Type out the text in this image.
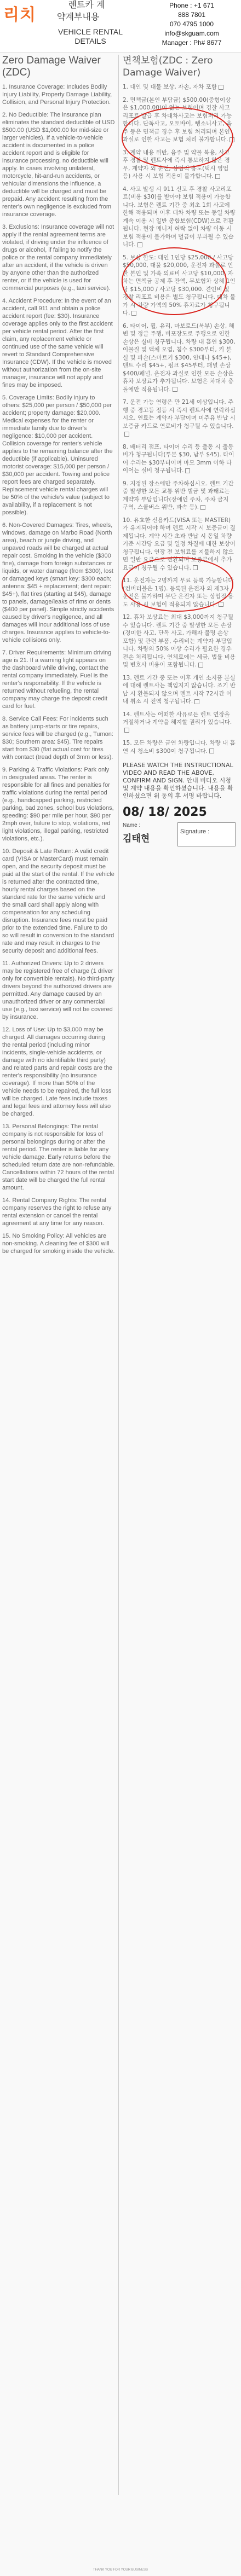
리치
렌트카 계
약계부내용
VEHICLE RENTAL
DETAILS
Phone : +1 671
888 7801
070 4795 1000
info@skguam.com
Manager : Ph# 8677
Zero Damage Waiver (ZDC)

1. Insurance Coverage: Includes Bodily Injury Liability, Property Damage Liability, Collision, and Personal Injury Protection.

2. No Deductible: The insurance plan eliminates the standard deductible of USD $500.00 (USD $1,000.00 for mid-size or larger vehicles). If a vehicle-to-vehicle accident is documented in a police accident report and is eligible for insurance processing, no deductible will apply. In cases involving unilateral, motorcycle, hit-and-run accidents, or vehicular dimensions the influence, a deductible will be charged and must be prepaid. Any accident resulting from the renter's own negligence is excluded from insurance coverage.

3. Exclusions: Insurance coverage will not apply if the rental agreement terms are violated, if driving under the influence of drugs or alcohol, if failing to notify the police or the rental company immediately after an accident, if the vehicle is driven by anyone other than the authorized renter, or if the vehicle is used for commercial purposes (e.g., taxi service).

4. Accident Procedure: In the event of an accident, call 911 and obtain a police accident report (fee: $30). Insurance coverage applies only to the first accident per vehicle rental period. After the first claim, any replacement vehicle or continued use of the same vehicle will revert to Standard Comprehensive Insurance (CDW). If the vehicle is moved without authorization from the on-site manager, insurance will not apply and fines may be imposed.

5. Coverage Limits: Bodily injury to others: $25,000 per person / $50,000 per accident; property damage: $20,000. Medical expenses for the renter or immediate family due to driver's negligence: $10,000 per accident. Collision coverage for renter's vehicle applies to the remaining balance after the deductible (if applicable). Uninsured motorist coverage: $15,000 per person / $30,000 per accident. Towing and police report fees are charged separately. Replacement vehicle rental charges will be 50% of the vehicle's value (subject to availability, if a replacement is not possible).

6. Non-Covered Damages: Tires, wheels, windows, damage on Marbo Road (North area), beach or jungle driving, and unpaved roads will be charged at actual repair cost. Smoking in the vehicle ($300 fine), damage from foreign substances or liquids, or water damage (from $300), lost or damaged keys (smart key: $300 each; antenna: $45 + replacement; dent repair: $45+), flat tires (starting at $45), damage to panels, damage/leaks of rims or dents ($400 per panel). Simple strictly accidents caused by driver's negligence, and all damages will incur additional loss of use charges. Insurance applies to vehicle-to-vehicle collisions only.

7. Driver Requirements: Minimum driving age is 21. If a warning light appears on the dashboard while driving, contact the rental company immediately. Fuel is the renter's responsibility. If the vehicle is returned without refueling, the rental company may charge the deposit credit card for fuel.

8. Service Call Fees: For incidents such as battery jump-starts or tire repairs, service fees will be charged (e.g., Tumon: $30; Southern area: $45). Tire repairs start from $30 (flat actual cost for tires with contact (tread depth of 3mm or less).

9. Parking & Traffic Violations: Park only in designated areas. The renter is responsible for all fines and penalties for traffic violations during the rental period (e.g., handicapped parking, restricted parking, bad zones, school bus violations, speeding: $90 per mile per hour, $90 per 2mph over, failure to stop, violations, red light violations, illegal parking, restricted violations, etc.).

10. Deposit & Late Return: A valid credit card (VISA or MasterCard) must remain open, and the security deposit must be paid at the start of the rental. If the vehicle is returned after the contracted time, hourly rental charges based on the standard rate for the same vehicle and the small card shall apply along with compensation for any scheduling disruption. Insurance fees must be paid prior to the extended time. Failure to do so will result in conversion to the standard rate and may result in charges to the security deposit and additional fees.

11. Authorized Drivers: Up to 2 drivers may be registered free of charge (1 driver only for convertible rentals). No third-party drivers beyond the authorized drivers are permitted. Any damage caused by an unauthorized driver or any commercial use (e.g., taxi service) will not be covered by insurance.

12. Loss of Use: Up to $3,000 may be charged. All damages occurring during the rental period (including minor incidents, single-vehicle accidents, or damage with no identifiable third party) and related parts and repair costs are the renter's responsibility (no insurance coverage). If more than 50% of the vehicle needs to be repaired, the full loss will be charged. Late fees include taxes and legal fees and attorney fees will also be charged.

13. Personal Belongings: The rental company is not responsible for loss of personal belongings during or after the rental period. The renter is liable for any vehicle damage. Early returns before the scheduled return date are non-refundable. Cancellations within 72 hours of the rental start date will be charged the full rental amount.

14. Rental Company Rights: The rental company reserves the right to refuse any rental extension or cancel the rental agreement at any time for any reason.

15. No Smoking Policy: All vehicles are non-smoking. A cleaning fee of $300 will be charged for smoking inside the vehicle.

면책보험(ZDC : Zero Damage Waiver)

1. 대인 및 대물 보상, 자손, 자차 포함

2. 면책금(본인 부담금) $500.00(중형이상 은 $1,000.00)이 없는 보험이며 경찰 사고리포트 발급 후 차대차사고는 보험처리 가능합니다. 단독사고, 오토바이, 뺑소니사고, 음주 등은 면책금 징수 후 보험 처리되며 본인 과실로 인한 사고는 보험 처리 불가합니다.

3. 계약 내용 위반, 음주 및 약물 복용, 사고 후 경찰 및 렌트사에 즉시 통보하지 않은 경우, 계약자 외 운전, 상업적 용도(택시 영업 등) 사용 시 보험 적용이 불가합니다.

4. 사고 발생 시 911 신고 후 경찰 사고리포트(비용 $30)를 받아야 보험 적용이 가능합니다. 보험은 렌트 기간 중 최초 1회 사고에 한해 적용되며 이후 대차 차량 또는 동일 차량 계속 이용 시 일반 종합보험(CDW)으로 전환됩니다. 현장 매니저 허락 없이 차량 이동 시 보험 적용이 불가하며 벌금이 부과될 수 있습니다.

5. 보상 한도: 대인 1인당 $25,000 / 사고당 $50,000, 대물 $20,000, 운전자 과실로 인한 본인 및 가족 의료비 사고당 $10,000, 자차는 면책금 공제 후 잔액, 무보험차 상해 1인당 $15,000 / 사고당 $30,000. 견인비 및 경찰 리포트 비용은 별도 청구됩니다. 대차 불가 시 차량 가액의 50% 휴차료가 청구됩니다.

6. 타이어, 휠, 유리, 마보로드(북부) 손상, 해변 및 정글 주행, 비포장도로 주행으로 인한 손상은 실비 청구됩니다. 차량 내 흡연 $300, 이물질 및 액체 오염, 침수 $300부터, 키 분실 및 파손(스마트키 $300, 안테나 $45+), 덴트 수리 $45+, 펑크 $45부터, 패널 손상 $400/패널. 운전자 과실로 인한 모든 손상은 휴차 보상료가 추가됩니다. 보험은 차대차 충돌에만 적용됩니다.

7. 운전 가능 연령은 만 21세 이상입니다. 주행 중 경고등 점등 시 즉시 렌트사에 연락하십시오. 연료는 계약자 부담이며 미주유 반납 시 보증금 카드로 연료비가 청구될 수 있습니다.

8. 배터리 점프, 타이어 수리 등 출동 시 출동비가 청구됩니다(투몬 $30, 남부 $45). 타이어 수리는 $30부터이며 마모 3mm 이하 타이어는 실비 청구됩니다.

9. 지정된 장소에만 주차하십시오. 렌트 기간 중 발생한 모든 교통 위반 벌금 및 과태료는 계약자 부담입니다(장애인 주차, 주차 금지 구역, 스쿨버스 위반, 과속 등).

10. 유효한 신용카드(VISA 또는 MASTER)가 유지되어야 하며 렌트 시작 시 보증금이 결제됩니다. 계약 시간 초과 반납 시 동일 차량 기준 시간당 요금 및 일정 차질에 대한 보상이 청구됩니다. 연장 전 보험료를 지불하지 않으면 일반 요금으로 전환되며 보증금에서 추가 요금이 청구될 수 있습니다.

11. 운전자는 2명까지 무료 등록 가능합니다(컨버터블은 1명). 등록된 운전자 외 제3자 운전은 불가하며 무단 운전자 또는 상업적 용도 사용 시 보험이 적용되지 않습니다.

12. 휴차 보상료는 최대 $3,000까지 청구될 수 있습니다. 렌트 기간 중 발생한 모든 손상(경미한 사고, 단독 사고, 가해자 불명 손상 포함) 및 관련 부품, 수리비는 계약자 부담입니다. 차량의 50% 이상 수리가 필요한 경우 전손 처리됩니다. 연체료에는 세금, 법률 비용 및 변호사 비용이 포함됩니다.

13. 렌트 기간 중 또는 이후 개인 소지품 분실에 대해 렌트사는 책임지지 않습니다. 조기 반납 시 환불되지 않으며 렌트 시작 72시간 이내 취소 시 전액 청구됩니다.

14. 렌트사는 어떠한 사유로든 렌트 연장을 거절하거나 계약을 해지할 권리가 있습니다.

15. 모든 차량은 금연 차량입니다. 차량 내 흡연 시 청소비 $300이 청구됩니다.

PLEASE WATCH THE INSTRUCTIONAL VIDEO AND READ THE ABOVE, CONFIRM AND SIGN. 안내 비디오 시청 및 계약 내용을 확인하셨습니다. 내용을 확인하셨으면 위 동의 후 서명 바랍니다.
08/ 18/ 2025
Name :
김태현
Signature :
THANK YOU FOR YOUR BUSINESS
